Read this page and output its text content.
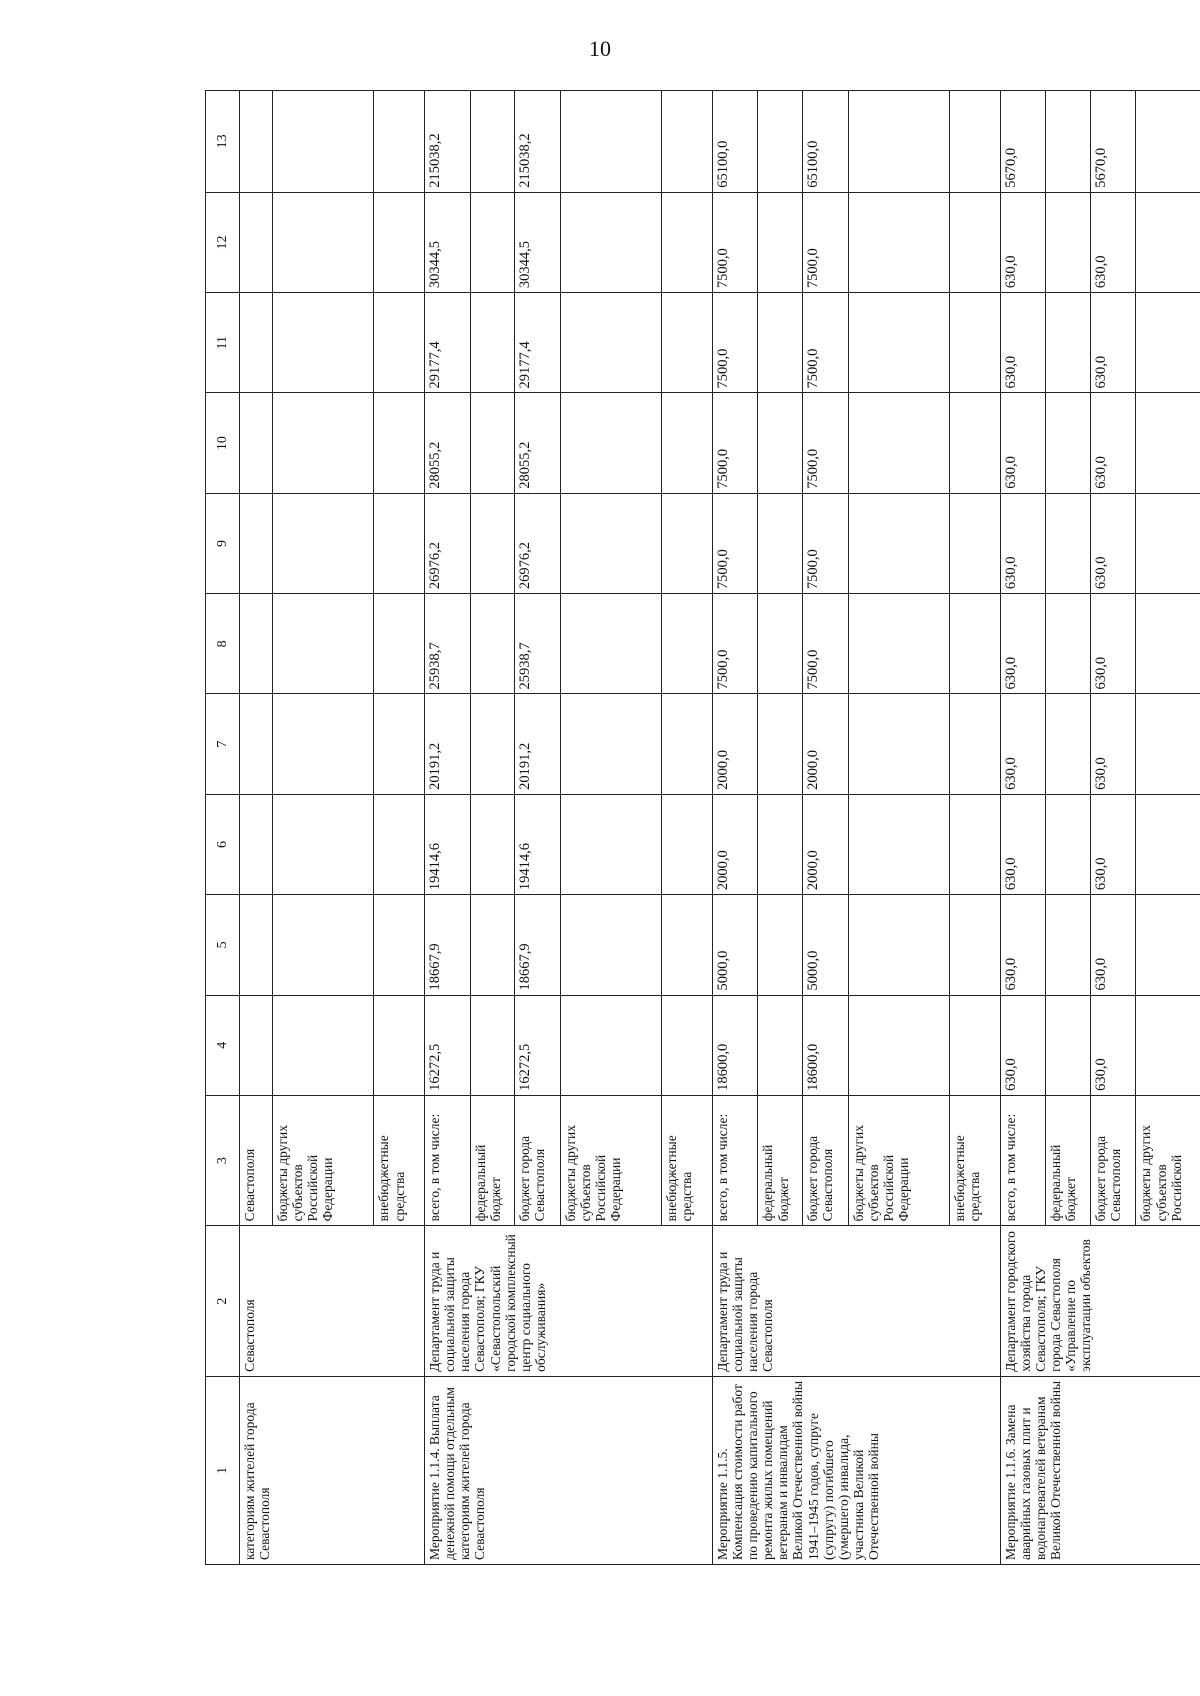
10
1	2	3	4	5	6	7	8	9	10	11	12	13
категориям жителей города Севастополя	Севастополя	Севастополя										
		бюджеты других субъектов Российской Федерации										
		внебюджетные средства										
Мероприятие 1.1.4. Выплата денежной помощи отдельным категориям жителей города Севастополя	Департамент труда и социальной защиты населения города Севастополя; ГКУ «Севастопольский городской комплексный центр социального обслуживания»	всего, в том числе:	16272,5	18667,9	19414,6	20191,2	25938,7	26976,2	28055,2	29177,4	30344,5	215038,2
		федеральный бюджет										
		бюджет города Севастополя	16272,5	18667,9	19414,6	20191,2	25938,7	26976,2	28055,2	29177,4	30344,5	215038,2
		бюджеты других субъектов Российской Федерации										
		внебюджетные средства										
Мероприятие 1.1.5. Компенсация стоимости работ по проведению капитального ремонта жилых помещений ветеранам и инвалидам Великой Отечественной войны 1941–1945 годов, супруге (супругу) погибшего (умершего) инвалида, участника Великой Отечественной войны	Департамент труда и социальной защиты населения города Севастополя	всего, в том числе:	18600,0	5000,0	2000,0	2000,0	7500,0	7500,0	7500,0	7500,0	7500,0	65100,0
		федеральный бюджет										
		бюджет города Севастополя	18600,0	5000,0	2000,0	2000,0	7500,0	7500,0	7500,0	7500,0	7500,0	65100,0
		бюджеты других субъектов Российской Федерации										
		внебюджетные средства										
Мероприятие 1.1.6. Замена аварийных газовых плит и водонагревателей ветеранам Великой Отечественной войны	Департамент городского хозяйства города Севастополя; ГКУ города Севастополя «Управление по эксплуатации объектов	всего, в том числе:	630,0	630,0	630,0	630,0	630,0	630,0	630,0	630,0	630,0	5670,0
		федеральный бюджет										
		бюджет города Севастополя	630,0	630,0	630,0	630,0	630,0	630,0	630,0	630,0	630,0	5670,0
		бюджеты других субъектов Российской										
